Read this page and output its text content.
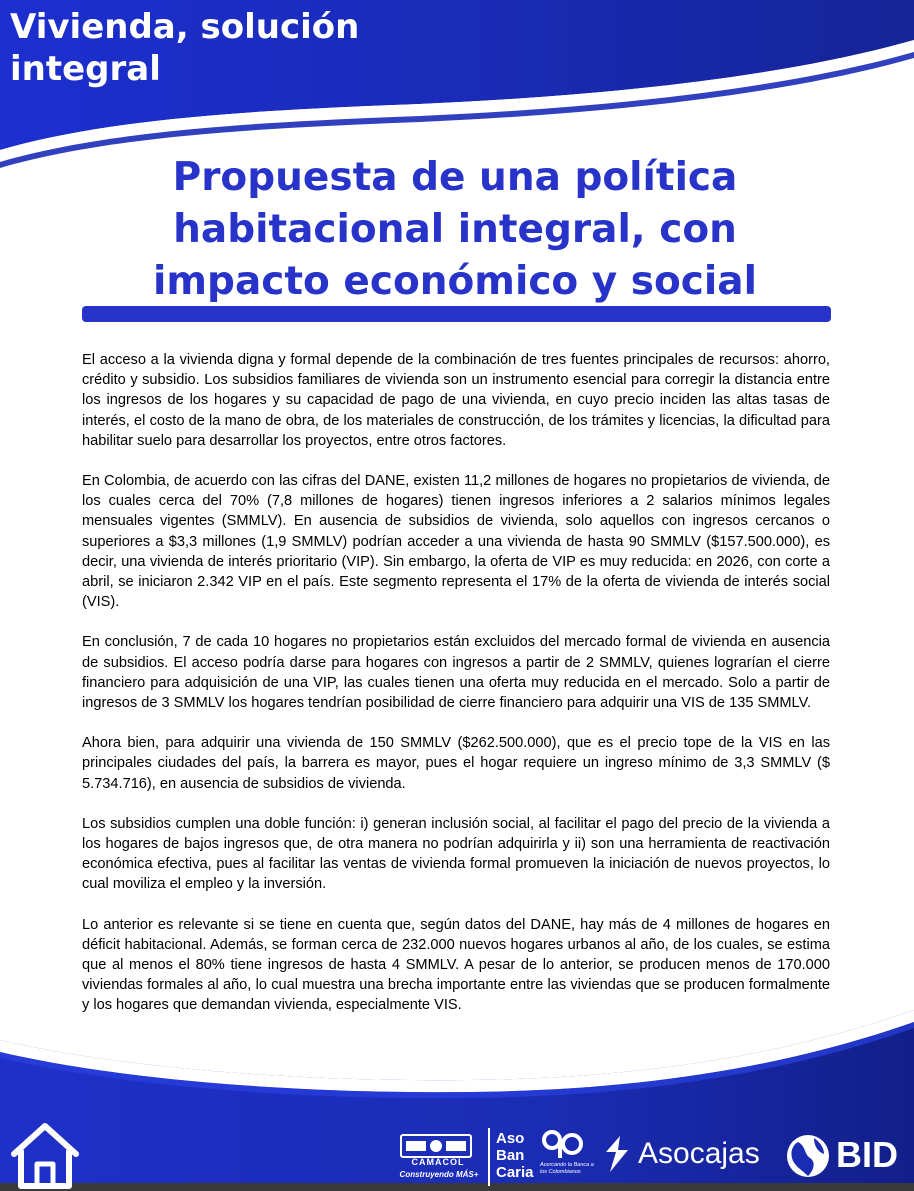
Vivienda, solución
integral
Propuesta de una política
habitacional integral, con
impacto económico y social

El acceso a la vivienda digna y formal depende de la combinación de tres fuentes principales de recursos: ahorro, crédito y subsidio. Los subsidios familiares de vivienda son un instrumento esencial para corregir la distancia entre los ingresos de los hogares y su capacidad de pago de una vivienda, en cuyo precio inciden las altas tasas de interés, el costo de la mano de obra, de los materiales de construcción, de los trámites y licencias, la dificultad para habilitar suelo para desarrollar los proyectos, entre otros factores.

En Colombia, de acuerdo con las cifras del DANE, existen 11,2 millones de hogares no propietarios de vivienda, de los cuales cerca del 70% (7,8 millones de hogares) tienen ingresos inferiores a 2 salarios mínimos legales mensuales vigentes (SMMLV). En ausencia de subsidios de vivienda, solo aquellos con ingresos cercanos o superiores a $3,3 millones (1,9 SMMLV) podrían acceder a una vivienda de hasta 90 SMMLV ($157.500.000), es decir, una vivienda de interés prioritario (VIP). Sin embargo, la oferta de VIP es muy reducida: en 2026, con corte a abril, se iniciaron 2.342 VIP en el país. Este segmento representa el 17% de la oferta de vivienda de interés social (VIS).

En conclusión, 7 de cada 10 hogares no propietarios están excluidos del mercado formal de vivienda en ausencia de subsidios. El acceso podría darse para hogares con ingresos a partir de 2 SMMLV, quienes lograrían el cierre financiero para adquisición de una VIP, las cuales tienen una oferta muy reducida en el mercado. Solo a partir de ingresos de 3 SMMLV los hogares tendrían posibilidad de cierre financiero para adquirir una VIS de 135 SMMLV.

Ahora bien, para adquirir una vivienda de 150 SMMLV ($262.500.000), que es el precio tope de la VIS en las principales ciudades del país, la barrera es mayor, pues el hogar requiere un ingreso mínimo de 3,3 SMMLV ($ 5.734.716), en ausencia de subsidios de vivienda.

Los subsidios cumplen una doble función: i) generan inclusión social, al facilitar el pago del precio de la vivienda a los hogares de bajos ingresos que, de otra manera no podrían adquirirla y ii) son una herramienta de reactivación económica efectiva, pues al facilitar las ventas de vivienda formal promueven la iniciación de nuevos proyectos, lo cual moviliza el empleo y la inversión.

Lo anterior es relevante si se tiene en cuenta que, según datos del DANE, hay más de 4 millones de hogares en déficit habitacional. Además, se forman cerca de 232.000 nuevos hogares urbanos al año, de los cuales, se estima que al menos el 80% tiene ingresos de hasta 4 SMMLV. A pesar de lo anterior, se producen menos de 170.000 viviendas formales al año, lo cual muestra una brecha importante entre las viviendas que se producen formalmente y los hogares que demandan vivienda, especialmente VIS.

CAMACOL
Construyendo MÁS+
Aso
Ban
Caria	Acercando la Banca a los Colombianos
Asocajas BID
